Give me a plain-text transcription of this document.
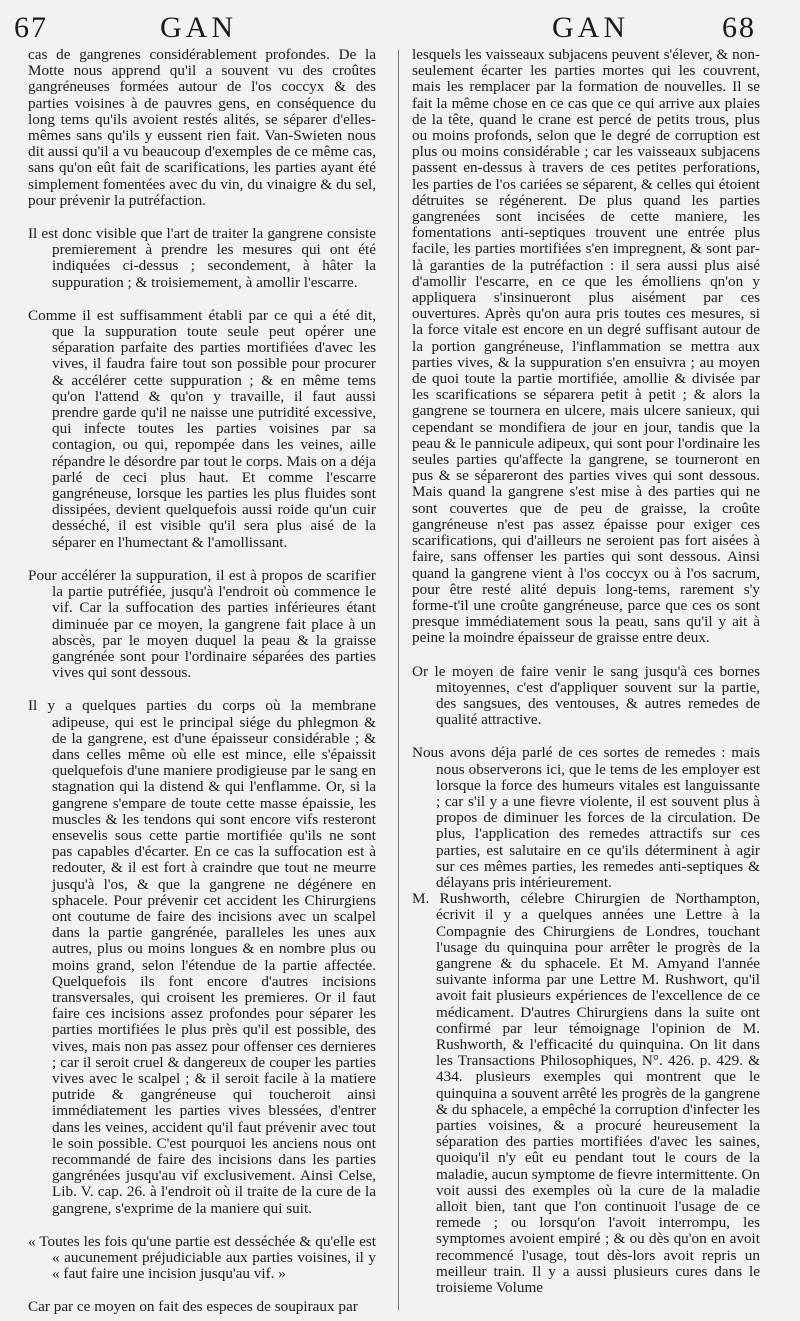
67	GAN	GAN	68

cas de gangrenes considérablement profondes. De la Motte nous apprend qu'il a souvent vu des croûtes gangréneuses formées autour de l'os coccyx & des parties voisines à de pauvres gens, en conséquence du long tems qu'ils avoient restés alités, se séparer d'elles-mêmes sans qu'ils y eussent rien fait. Van-Swieten nous dit aussi qu'il a vu beaucoup d'exemples de ce même cas, sans qu'on eût fait de scarifications, les parties ayant été simplement fomentées avec du vin, du vinaigre & du sel, pour prévenir la putréfaction.

Il est donc visible que l'art de traiter la gangrene consiste premierement à prendre les mesures qui ont été indiquées ci-dessus ; secondement, à hâter la suppuration ; & troisiemement, à amollir l'escarre.

Comme il est suffisamment établi par ce qui a été dit, que la suppuration toute seule peut opérer une séparation parfaite des parties mortifiées d'avec les vives, il faudra faire tout son possible pour procurer & accélérer cette suppuration ; & en même tems qu'on l'attend & qu'on y travaille, il faut aussi prendre garde qu'il ne naisse une putridité excessive, qui infecte toutes les parties voisines par sa contagion, ou qui, repompée dans les veines, aille répandre le désordre par tout le corps. Mais on a déja parlé de ceci plus haut. Et comme l'escarre gangréneuse, lorsque les parties les plus fluides sont dissipées, devient quelquefois aussi roide qu'un cuir desséché, il est visible qu'il sera plus aisé de la séparer en l'humectant & l'amollissant.

Pour accélérer la suppuration, il est à propos de scarifier la partie putréfiée, jusqu'à l'endroit où commence le vif. Car la suffocation des parties inférieures étant diminuée par ce moyen, la gangrene fait place à un abscès, par le moyen duquel la peau & la graisse gangrénée sont pour l'ordinaire séparées des parties vives qui sont dessous.

Il y a quelques parties du corps où la membrane adipeuse, qui est le principal siége du phlegmon & de la gangrene, est d'une épaisseur considérable ; & dans celles même où elle est mince, elle s'épaissit quelquefois d'une maniere prodigieuse par le sang en stagnation qui la distend & qui l'enflamme. Or, si la gangrene s'empare de toute cette masse épaissie, les muscles & les tendons qui sont encore vifs resteront ensevelis sous cette partie mortifiée qu'ils ne sont pas capables d'écarter. En ce cas la suffocation est à redouter, & il est fort à craindre que tout ne meurre jusqu'à l'os, & que la gangrene ne dégénere en sphacele. Pour prévenir cet accident les Chirurgiens ont coutume de faire des incisions avec un scalpel dans la partie gangrénée, paralleles les unes aux autres, plus ou moins longues & en nombre plus ou moins grand, selon l'étendue de la partie affectée. Quelquefois ils font encore d'autres incisions transversales, qui croisent les premieres. Or il faut faire ces incisions assez profondes pour séparer les parties mortifiées le plus près qu'il est possible, des vives, mais non pas assez pour offenser ces dernieres ; car il seroit cruel & dangereux de couper les parties vives avec le scalpel ; & il seroit facile à la matiere putride & gangréneuse qui toucheroit ainsi immédiatement les parties vives blessées, d'entrer dans les veines, accident qu'il faut prévenir avec tout le soin possible. C'est pourquoi les anciens nous ont recommandé de faire des incisions dans les parties gangrénées jusqu'au vif exclusivement. Ainsi Celse, Lib. V. cap. 26. à l'endroit où il traite de la cure de la gangrene, s'exprime de la maniere qui suit.

« Toutes les fois qu'une partie est desséchée & qu'elle est « aucunement préjudiciable aux parties voisines, il y « faut faire une incision jusqu'au vif. »

Car par ce moyen on fait des especes de soupiraux par

lesquels les vaisseaux subjacens peuvent s'élever, & non-seulement écarter les parties mortes qui les couvrent, mais les remplacer par la formation de nouvelles. Il se fait la même chose en ce cas que ce qui arrive aux plaies de la tête, quand le crane est percé de petits trous, plus ou moins profonds, selon que le degré de corruption est plus ou moins considérable ; car les vaisseaux subjacens passent en-dessus à travers de ces petites perforations, les parties de l'os cariées se séparent, & celles qui étoient détruites se régénerent. De plus quand les parties gangrenées sont incisées de cette maniere, les fomentations anti-septiques trouvent une entrée plus facile, les parties mortifiées s'en impregnent, & sont par-là garanties de la putréfaction : il sera aussi plus aisé d'amollir l'escarre, en ce que les émolliens qn'on y appliquera s'insinueront plus aisément par ces ouvertures. Après qu'on aura pris toutes ces mesures, si la force vitale est encore en un degré suffisant autour de la portion gangréneuse, l'inflammation se mettra aux parties vives, & la suppuration s'en ensuivra ; au moyen de quoi toute la partie mortifiée, amollie & divisée par les scarifications se séparera petit à petit ; & alors la gangrene se tournera en ulcere, mais ulcere sanieux, qui cependant se mondifiera de jour en jour, tandis que la peau & le pannicule adipeux, qui sont pour l'ordinaire les seules parties qu'affecte la gangrene, se tourneront en pus & se sépareront des parties vives qui sont dessous. Mais quand la gangrene s'est mise à des parties qui ne sont couvertes que de peu de graisse, la croûte gangréneuse n'est pas assez épaisse pour exiger ces scarifications, qui d'ailleurs ne seroient pas fort aisées à faire, sans offenser les parties qui sont dessous. Ainsi quand la gangrene vient à l'os coccyx ou à l'os sacrum, pour être resté alité depuis long-tems, rarement s'y forme-t'il une croûte gangréneuse, parce que ces os sont presque immédiatement sous la peau, sans qu'il y ait à peine la moindre épaisseur de graisse entre deux.

Or le moyen de faire venir le sang jusqu'à ces bornes mitoyennes, c'est d'appliquer souvent sur la partie, des sangsues, des ventouses, & autres remedes de qualité attractive.

Nous avons déja parlé de ces sortes de remedes : mais nous observerons ici, que le tems de les employer est lorsque la force des humeurs vitales est languissante ; car s'il y a une fievre violente, il est souvent plus à propos de diminuer les forces de la circulation. De plus, l'application des remedes attractifs sur ces parties, est salutaire en ce qu'ils déterminent à agir sur ces mêmes parties, les remedes anti-septiques & délayans pris intérieurement.

M. Rushworth, célebre Chirurgien de Northampton, écrivit il y a quelques années une Lettre à la Compagnie des Chirurgiens de Londres, touchant l'usage du quinquina pour arrêter le progrès de la gangrene & du sphacele. Et M. Amyand l'année suivante informa par une Lettre M. Rushwort, qu'il avoit fait plusieurs expériences de l'excellence de ce médicament. D'autres Chirurgiens dans la suite ont confirmé par leur témoignage l'opinion de M. Rushworth, & l'efficacité du quinquina. On lit dans les Transactions Philosophiques, N°. 426. p. 429. & 434. plusieurs exemples qui montrent que le quinquina a souvent arrêté les progrès de la gangrene & du sphacele, a empêché la corruption d'infecter les parties voisines, & a procuré heureusement la séparation des parties mortifiées d'avec les saines, quoiqu'il n'y eût eu pendant tout le cours de la maladie, aucun symptome de fievre intermittente. On voit aussi des exemples où la cure de la maladie alloit bien, tant que l'on continuoit l'usage de ce remede ; ou lorsqu'on l'avoit interrompu, les symptomes avoient empiré ; & ou dès qu'on en avoit recommencé l'usage, tout dès-lors avoit repris un meilleur train. Il y a aussi plusieurs cures dans le troisieme Volume
